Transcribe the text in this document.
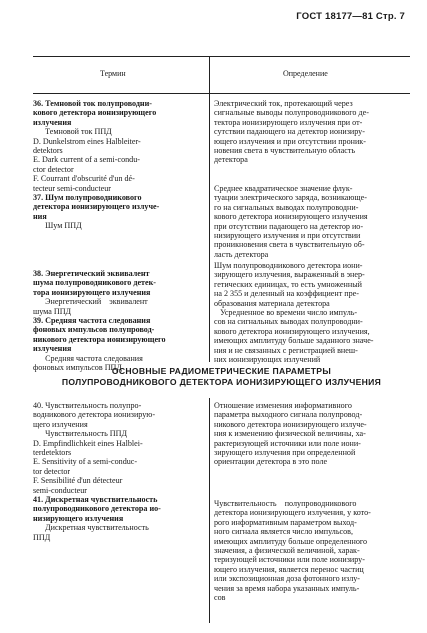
ГОСТ 18177—81 Стр. 7
Термин	Определение
36. Темновой ток полупроводни-
кового детектора ионизирующего
излучения
Темновой ток ППД
D. Dunkelstrom eines Halbleiter-
detektors
E. Dark current of a semi-condu-
ctor detector
F. Courrant d'obscurité d'un dé-
tecteur semi-conducteur
37. Шум полупроводникового
детектора ионизирующего излуче-
ния
Шум ППД
38. Энергетический эквивалент
шума полупроводникового детек-
тора ионизирующего излучения
Энергетический    эквивалент
шума ППД
39. Средняя частота следования
фоновых импульсов полупровод-
никового детектора ионизирующего
излучения
Средняя частота следования
фоновых импульсов ППД
Электрический ток, протекающий через
сигнальные выводы полупроводникового де-
тектора ионизирующего излучения при от-
сутствии падающего на детектор ионизиру-
ющего излучения и при отсутствии проник-
новения света в чувствительную область
детектора
Среднее квадратическое значение флук-
туации электрического заряда, возникающе-
го на сигнальных выводах полупроводни-
кового детектора ионизирующего излучения
при отсутствии падающего на детектор ио-
низирующего излучения и при отсутствии
проникновения света в чувствительную об-
ласть детектора
Шум полупроводникового детектора иони-
зирующего излучения, выраженный в энер-
гетических единицах, то есть умноженный
на 2 355 и деленный на коэффициент пре-
образования материала детектора
Усредненное во времени число импуль-
сов на сигнальных выводах полупроводни-
кового детектора ионизирующего излучения,
имеющих амплитуду больше заданного значе-
ния и не связанных с регистрацией внеш-
них ионизирующих излучений
ОСНОВНЫЕ РАДИОМЕТРИЧЕСКИЕ ПАРАМЕТРЫ
ПОЛУПРОВОДНИКОВОГО ДЕТЕКТОРА ИОНИЗИРУЮЩЕГО ИЗЛУЧЕНИЯ
40. Чувствительность полупро-
водникового детектора ионизирую-
щего излучения
Чувствительность ППД
D. Empfindlichkeit eines Halblei-
terdetektors
E. Sensitivity of a semi-conduc-
tor detector
F. Sensibilité d'un détecteur
semi-conducteur
41. Дискретная чувствительность
полупроводникового детектора ио-
низирующего излучения
Дискретная чувствительность
ППД
Отношение изменения информативного
параметра выходного сигнала полупровод-
никового детектора ионизирующего излуче-
ния к изменению физической величины, ха-
рактеризующей источники или поле иони-
зирующего излучения при определенной
ориентации детектора в это поле
Чувствительность    полупроводникового
детектора ионизирующего излучения, у кото-
рого информативным параметром выход-
ного сигнала является число импульсов,
имеющих амплитуду больше определенного
значения, а физической величиной, харак-
теризующей источники или поле ионизиру-
ющего излучения, является перенос частиц
или экспозиционная доза фотонного излу-
чения за время набора указанных импуль-
сов
